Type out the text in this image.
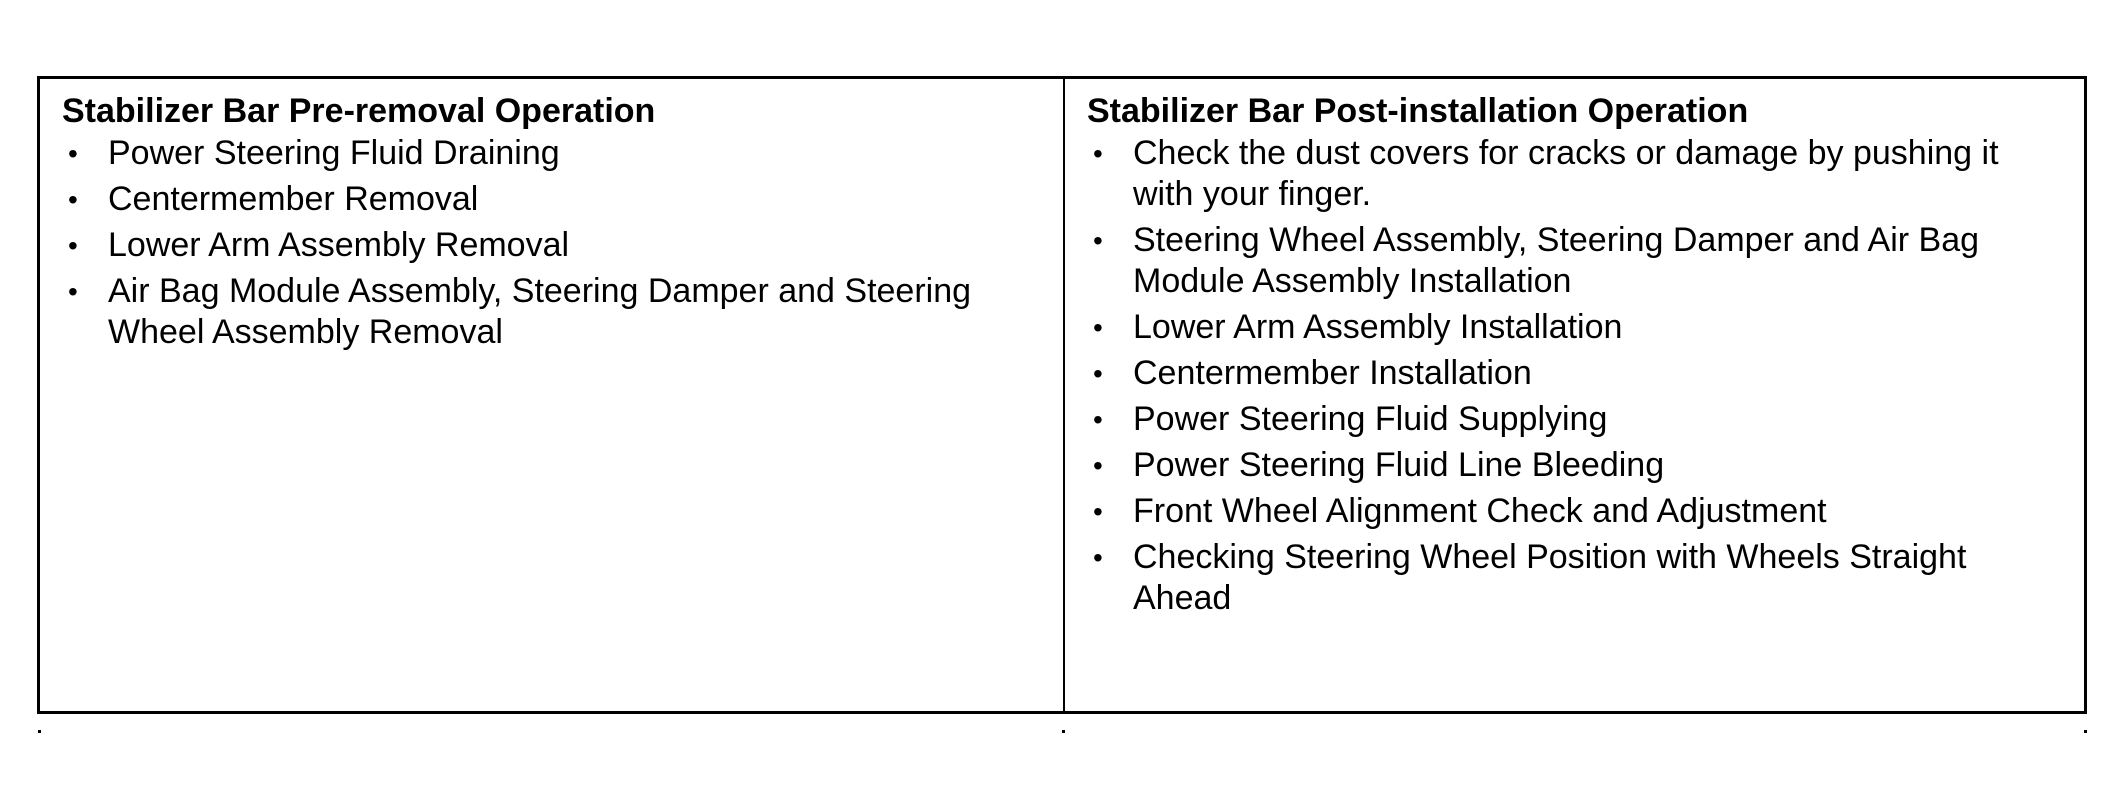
Stabilizer Bar Pre-removal Operation
• Power Steering Fluid Draining
• Centermember Removal
• Lower Arm Assembly Removal
• Air Bag Module Assembly, Steering Damper and Steering Wheel Assembly Removal
Stabilizer Bar Post-installation Operation
• Check the dust covers for cracks or damage by pushing it with your finger.
• Steering Wheel Assembly, Steering Damper and Air Bag Module Assembly Installation
• Lower Arm Assembly Installation
• Centermember Installation
• Power Steering Fluid Supplying
• Power Steering Fluid Line Bleeding
• Front Wheel Alignment Check and Adjustment
• Checking Steering Wheel Position with Wheels Straight Ahead
